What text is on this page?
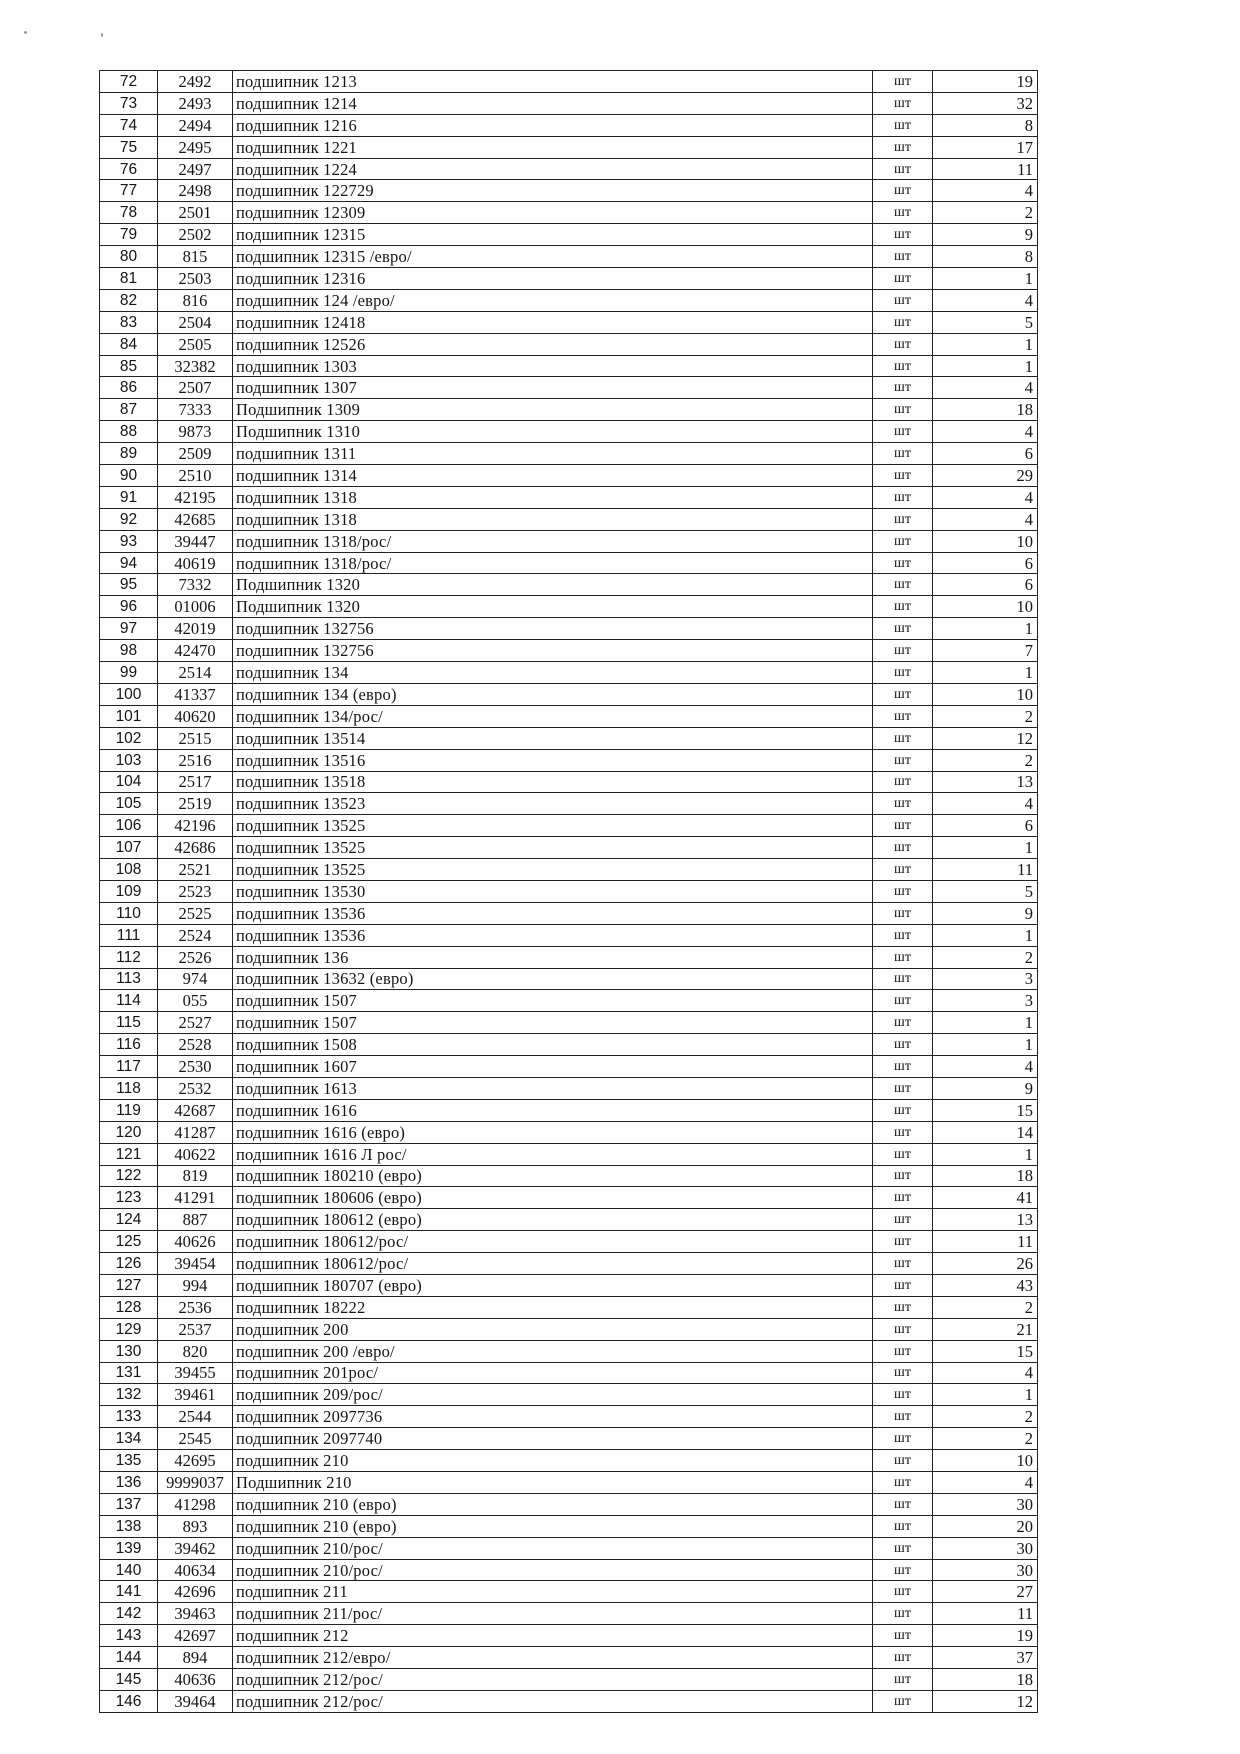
72	2492	подшипник 1213	шт	19
73	2493	подшипник 1214	шт	32
74	2494	подшипник 1216	шт	8
75	2495	подшипник 1221	шт	17
76	2497	подшипник 1224	шт	11
77	2498	подшипник 122729	шт	4
78	2501	подшипник 12309	шт	2
79	2502	подшипник 12315	шт	9
80	815	подшипник 12315 /евро/	шт	8
81	2503	подшипник 12316	шт	1
82	816	подшипник 124 /евро/	шт	4
83	2504	подшипник 12418	шт	5
84	2505	подшипник 12526	шт	1
85	32382	подшипник 1303	шт	1
86	2507	подшипник 1307	шт	4
87	7333	Подшипник 1309	шт	18
88	9873	Подшипник 1310	шт	4
89	2509	подшипник 1311	шт	6
90	2510	подшипник 1314	шт	29
91	42195	подшипник 1318	шт	4
92	42685	подшипник 1318	шт	4
93	39447	подшипник 1318/рос/	шт	10
94	40619	подшипник 1318/рос/	шт	6
95	7332	Подшипник 1320	шт	6
96	01006	Подшипник 1320	шт	10
97	42019	подшипник 132756	шт	1
98	42470	подшипник 132756	шт	7
99	2514	подшипник 134	шт	1
100	41337	подшипник 134 (евро)	шт	10
101	40620	подшипник 134/рос/	шт	2
102	2515	подшипник 13514	шт	12
103	2516	подшипник 13516	шт	2
104	2517	подшипник 13518	шт	13
105	2519	подшипник 13523	шт	4
106	42196	подшипник 13525	шт	6
107	42686	подшипник 13525	шт	1
108	2521	подшипник 13525	шт	11
109	2523	подшипник 13530	шт	5
110	2525	подшипник 13536	шт	9
111	2524	подшипник 13536	шт	1
112	2526	подшипник 136	шт	2
113	974	подшипник 13632 (евро)	шт	3
114	055	подшипник 1507	шт	3
115	2527	подшипник 1507	шт	1
116	2528	подшипник 1508	шт	1
117	2530	подшипник 1607	шт	4
118	2532	подшипник 1613	шт	9
119	42687	подшипник 1616	шт	15
120	41287	подшипник 1616 (евро)	шт	14
121	40622	подшипник 1616 Л рос/	шт	1
122	819	подшипник 180210 (евро)	шт	18
123	41291	подшипник 180606 (евро)	шт	41
124	887	подшипник 180612 (евро)	шт	13
125	40626	подшипник 180612/рос/	шт	11
126	39454	подшипник 180612/рос/	шт	26
127	994	подшипник 180707 (евро)	шт	43
128	2536	подшипник 18222	шт	2
129	2537	подшипник 200	шт	21
130	820	подшипник 200 /евро/	шт	15
131	39455	подшипник 201рос/	шт	4
132	39461	подшипник 209/рос/	шт	1
133	2544	подшипник 2097736	шт	2
134	2545	подшипник 2097740	шт	2
135	42695	подшипник 210	шт	10
136	9999037	Подшипник 210	шт	4
137	41298	подшипник 210 (евро)	шт	30
138	893	подшипник 210 (евро)	шт	20
139	39462	подшипник 210/рос/	шт	30
140	40634	подшипник 210/рос/	шт	30
141	42696	подшипник 211	шт	27
142	39463	подшипник 211/рос/	шт	11
143	42697	подшипник 212	шт	19
144	894	подшипник 212/евро/	шт	37
145	40636	подшипник 212/рос/	шт	18
146	39464	подшипник 212/рос/	шт	12
